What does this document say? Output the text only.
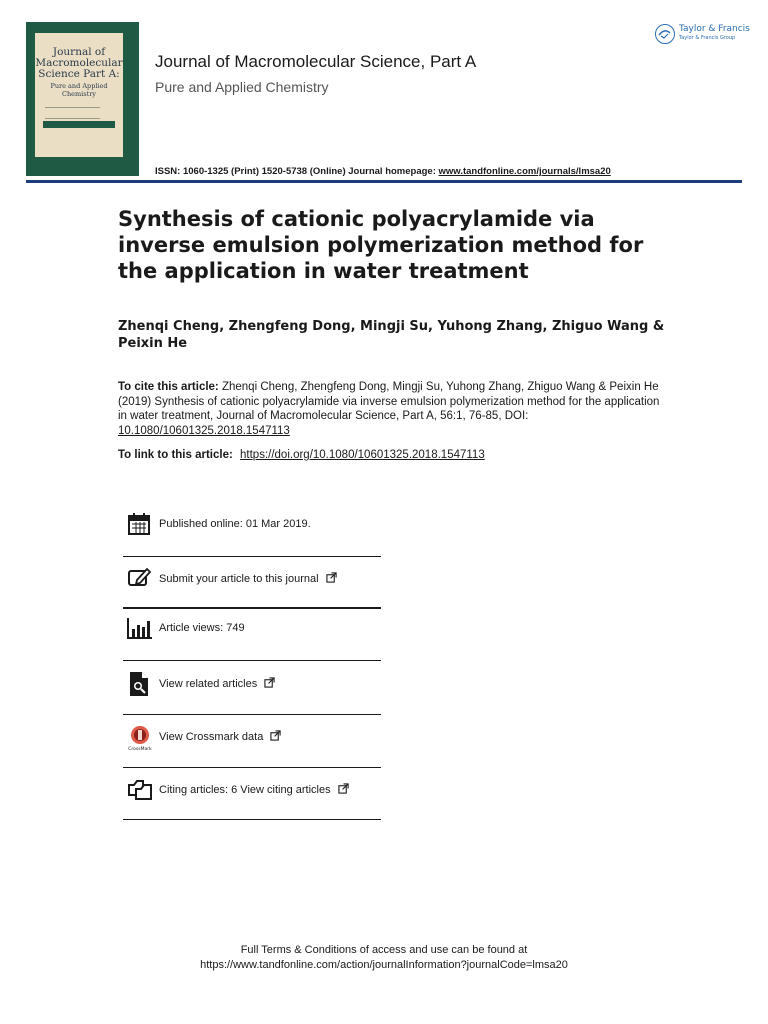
Journal of Macromolecular Science Part A:
Pure and Applied Chemistry
Journal of Macromolecular Science, Part A
Pure and Applied Chemistry
Taylor & Francis
Taylor & Francis Group
ISSN: 1060-1325 (Print) 1520-5738 (Online) Journal homepage: www.tandfonline.com/journals/lmsa20
Synthesis of cationic polyacrylamide via inverse emulsion polymerization method for the application in water treatment
Zhenqi Cheng, Zhengfeng Dong, Mingji Su, Yuhong Zhang, Zhiguo Wang & Peixin He
To cite this article: Zhenqi Cheng, Zhengfeng Dong, Mingji Su, Yuhong Zhang, Zhiguo Wang & Peixin He (2019) Synthesis of cationic polyacrylamide via inverse emulsion polymerization method for the application in water treatment, Journal of Macromolecular Science, Part A, 56:1, 76-85, DOI: 10.1080/10601325.2018.1547113
To link to this article: https://doi.org/10.1080/10601325.2018.1547113
Published online: 01 Mar 2019.
Submit your article to this journal
Article views: 749
View related articles
CrossMark
View Crossmark data
Citing articles: 6 View citing articles
Full Terms & Conditions of access and use can be found at
https://www.tandfonline.com/action/journalInformation?journalCode=lmsa20
